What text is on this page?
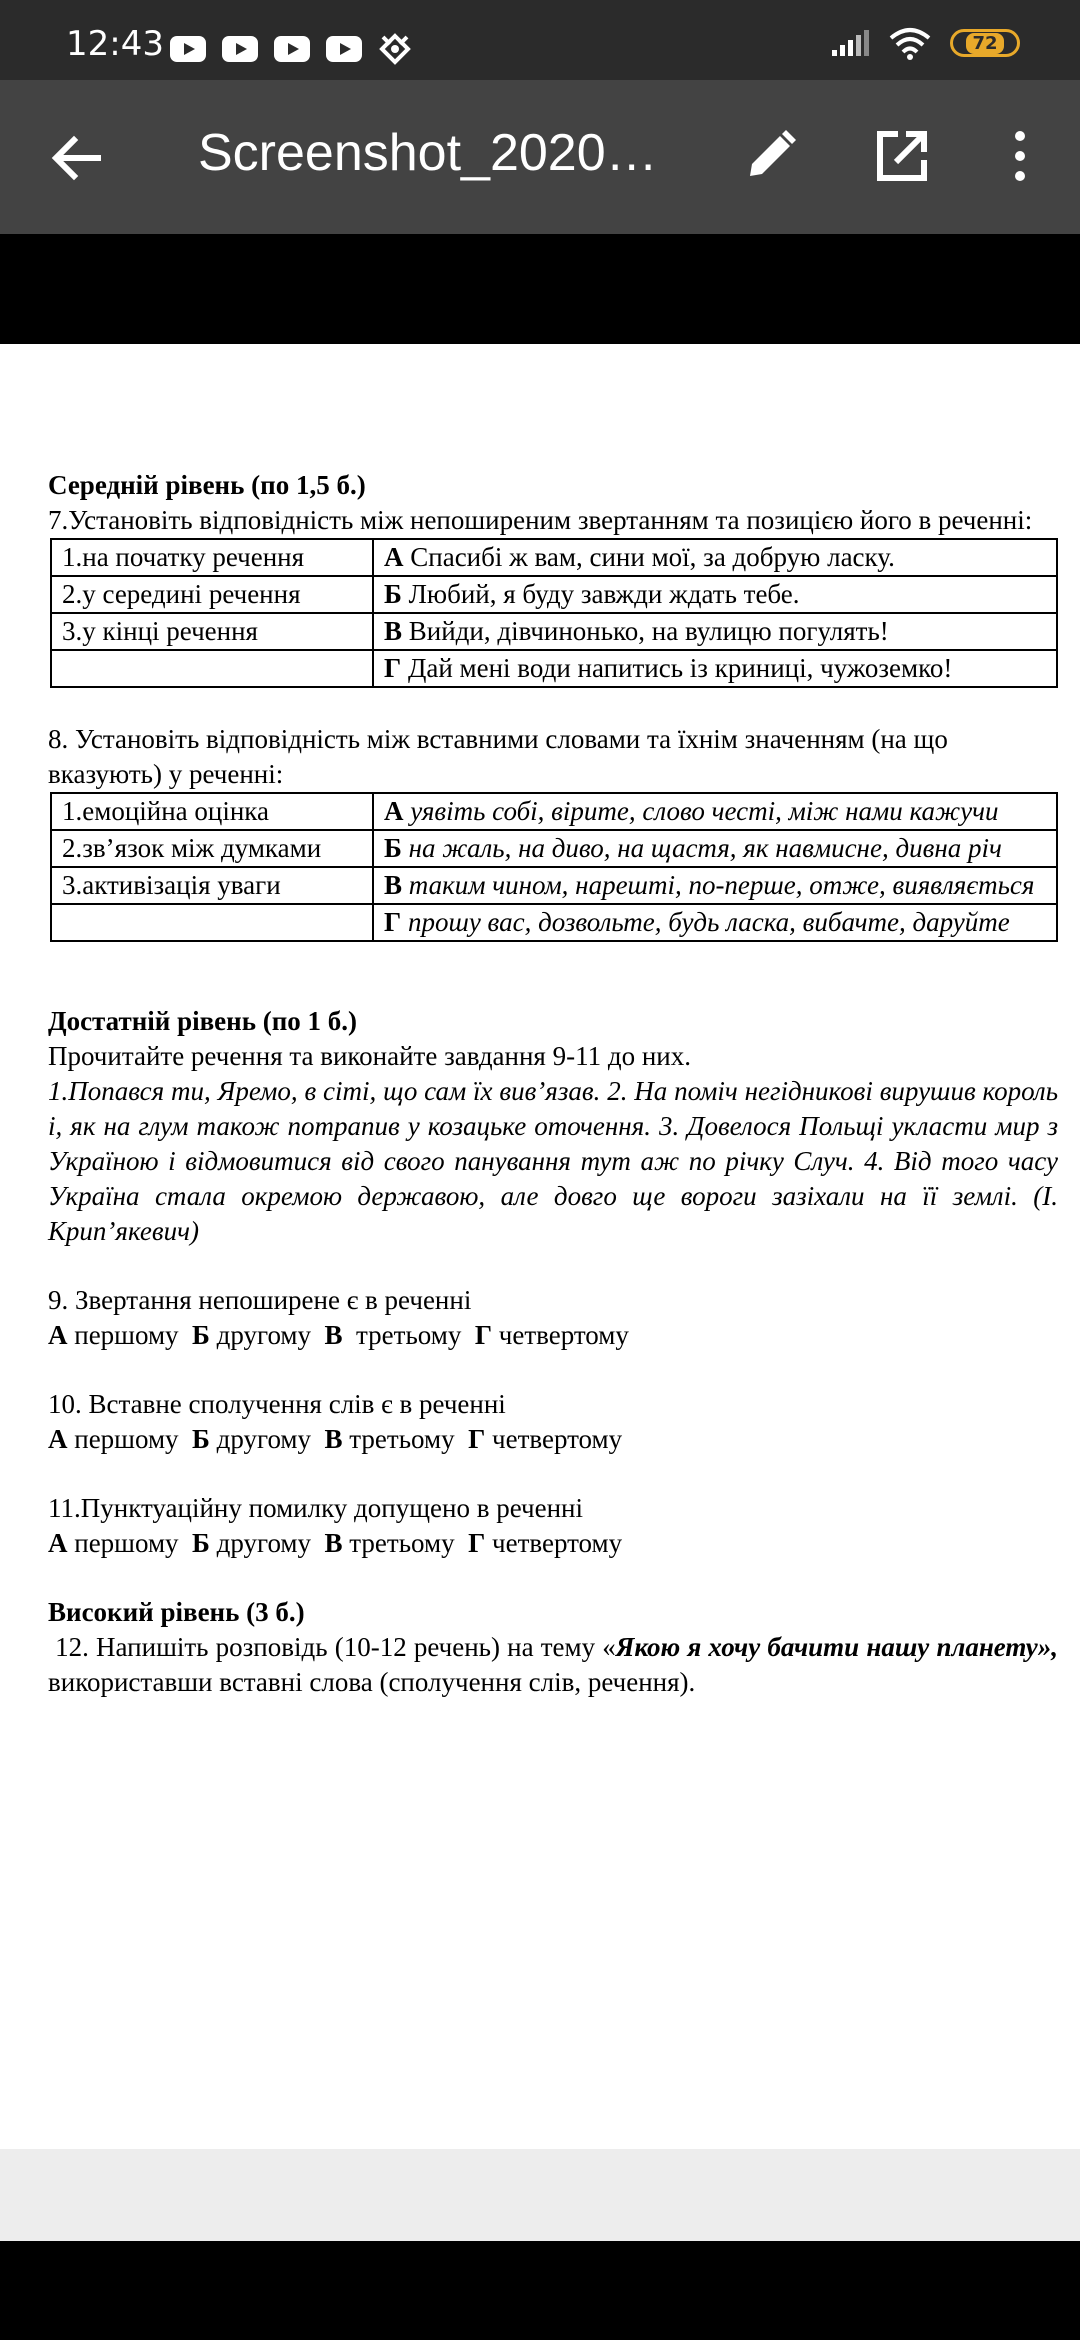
12:43	72
Screenshot_2020…

Середній рівень (по 1,5 б.)

7.Установіть відповідність між непоширеним звертанням та позицією його в реченні:

1.на початку речення	А Спасибі ж вам, сини мої, за добрую ласку.
2.у середині речення	Б Любий, я буду завжди ждать тебе.
3.у кінці речення	В Вийди, дівчинонько, на вулицю погулять!
	Г Дай мені води напитись із криниці, чужоземко!

8. Установіть відповідність між вставними словами та їхнім значенням (на що вказують) у реченні:

1.емоційна оцінка	А уявіть собі, вірите, слово честі, між нами кажучи
2.зв’язок між думками	Б на жаль, на диво, на щастя, як навмисне, дивна річ
3.активізація уваги	В таким чином, нарешті, по-перше, отже, виявляється
	Г прошу вас, дозвольте, будь ласка, вибачте, даруйте

Достатній рівень (по 1 б.)

Прочитайте речення та виконайте завдання 9-11 до них.

1.Попався ти, Яремо, в сіті, що сам їх вив’язав. 2. На поміч негідникові вирушив король і, як на глум також потрапив у козацьке оточення. 3. Довелося Польщі укласти мир з Україною і відмовитися від свого панування тут аж по річку Случ. 4. Від того часу Україна стала окремою державою, але довго ще вороги зазіхали на її землі. (І. Крип’якевич)

9. Звертання непоширене є в реченні

А першому  Б другому  В  третьому  Г четвертому

10. Вставне сполучення слів є в реченні

А першому  Б другому  В третьому  Г четвертому

11.Пунктуаційну помилку допущено в реченні

А першому  Б другому  В третьому  Г четвертому

Високий рівень (3 б.)

12. Напишіть розповідь (10-12 речень) на тему «Якою я хочу бачити нашу планету», використавши вставні слова (сполучення слів, речення).
